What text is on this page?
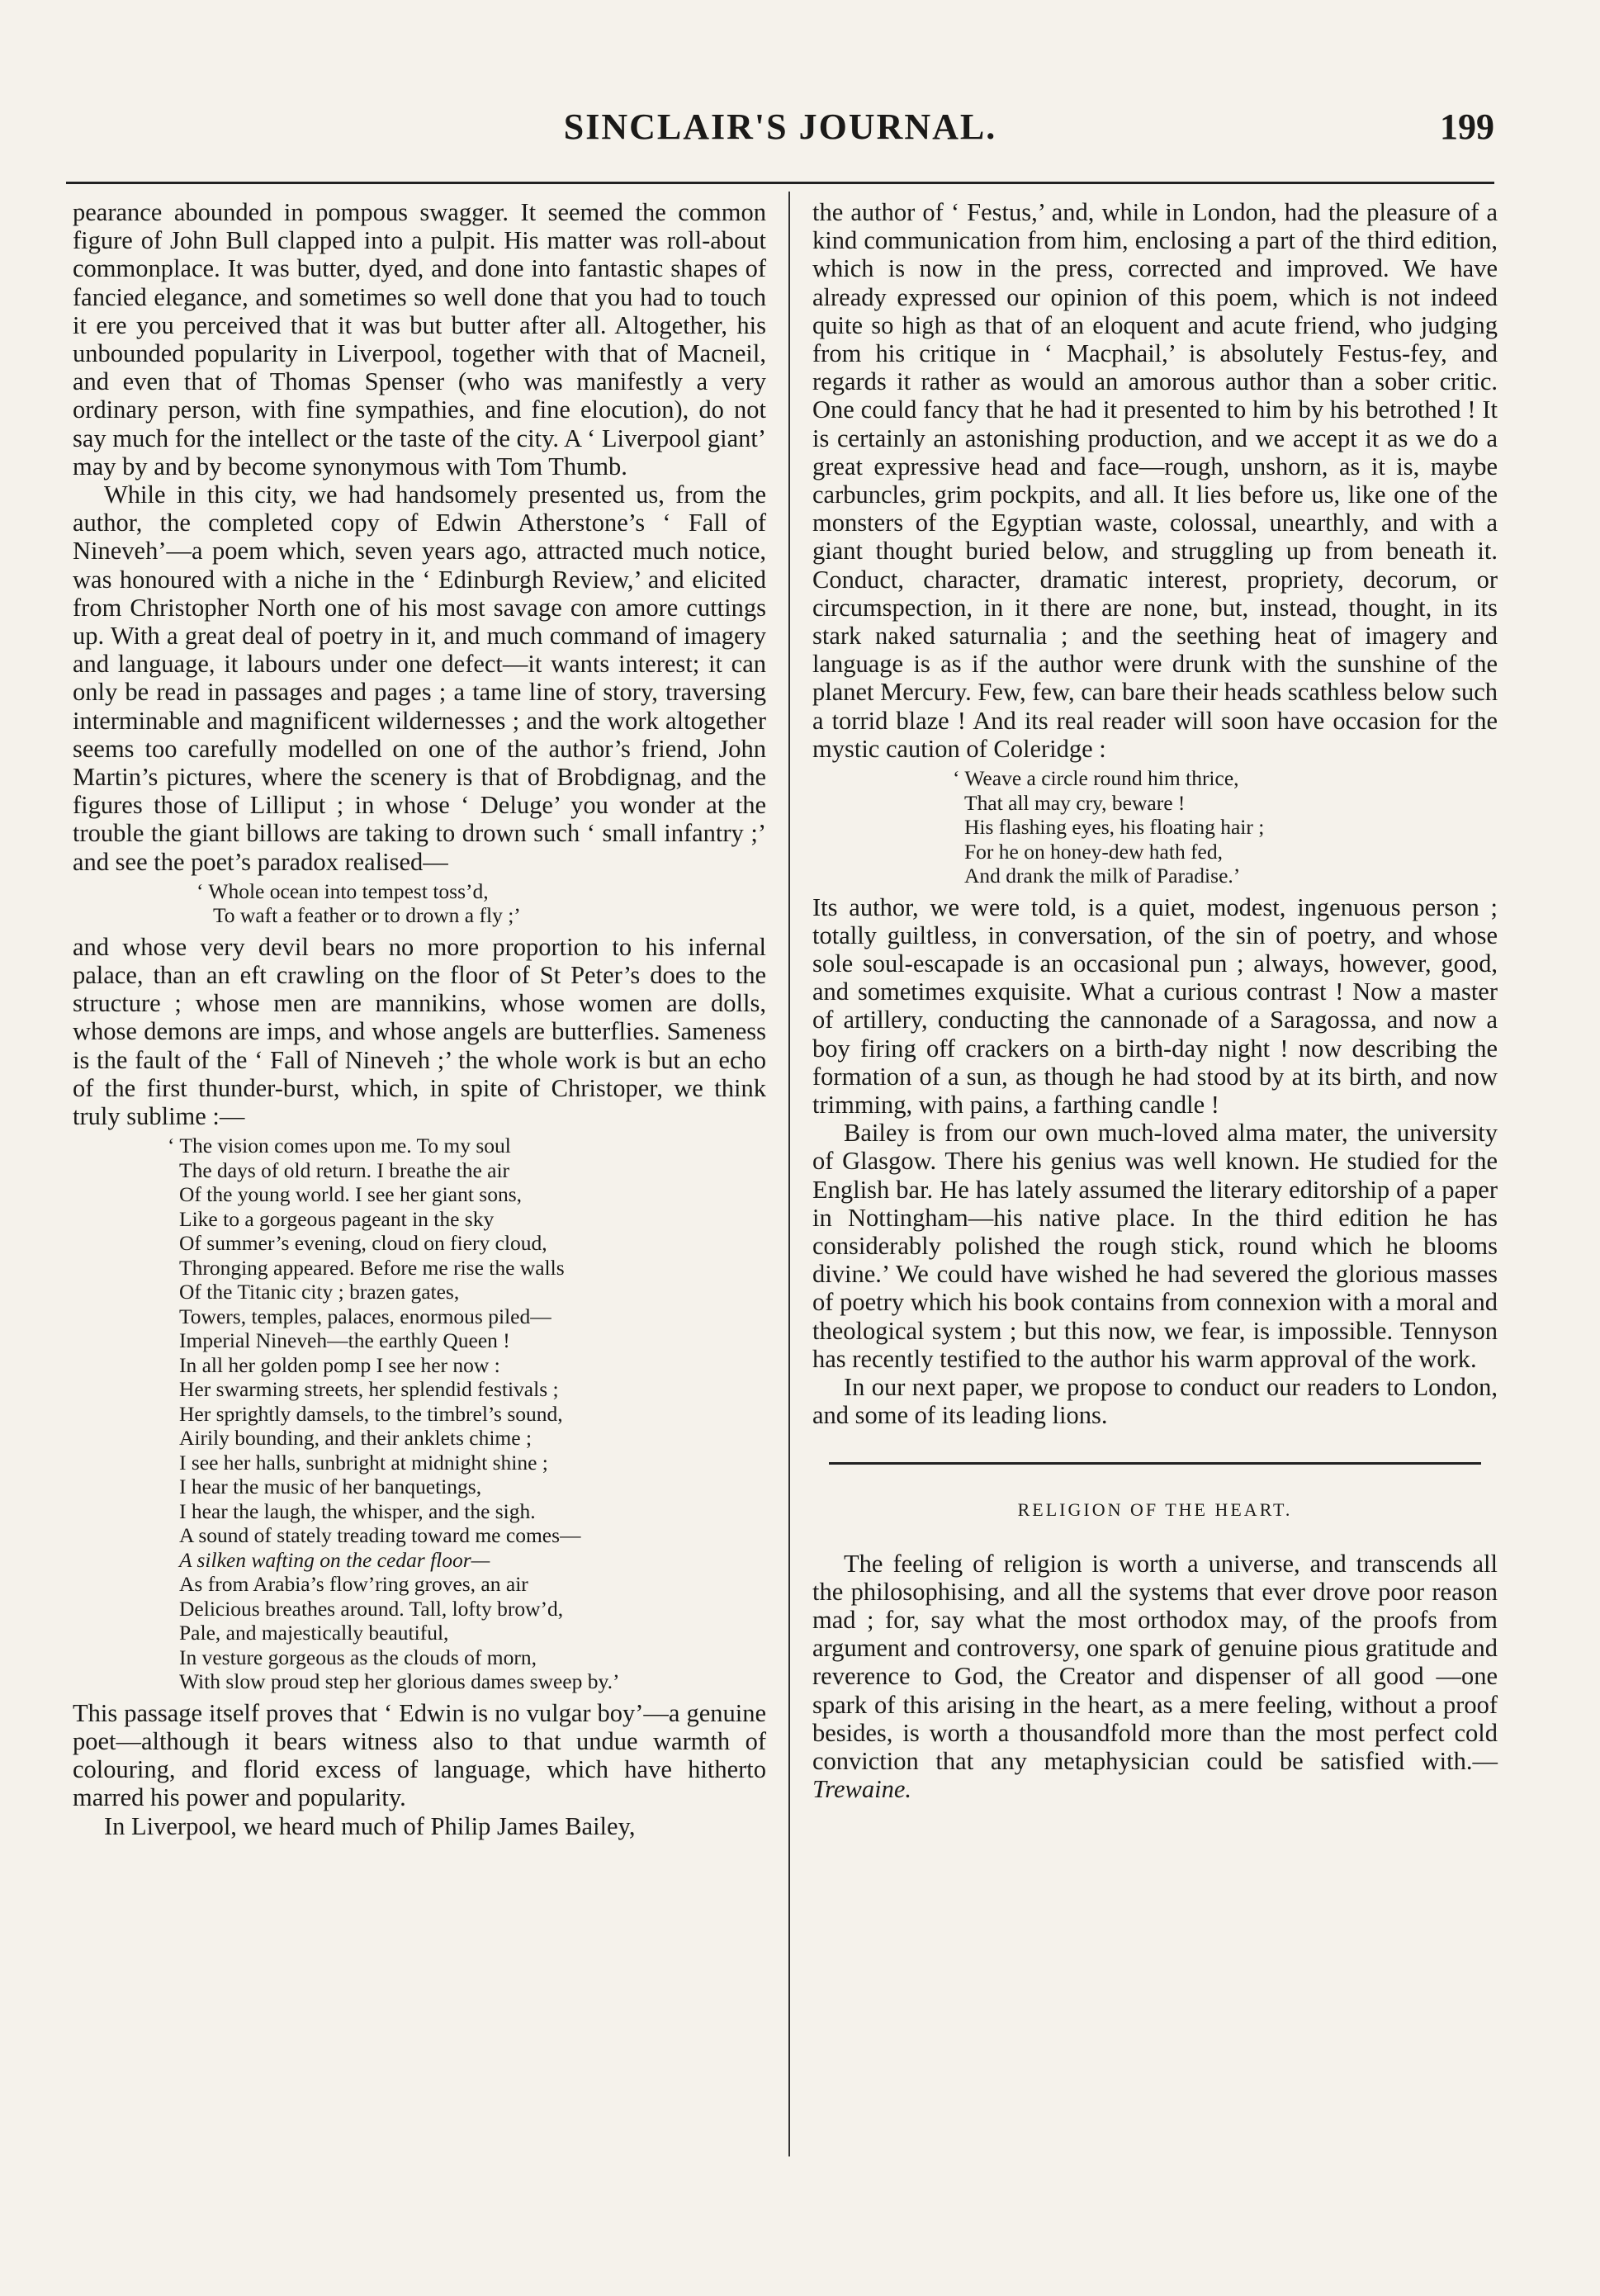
SINCLAIR'S JOURNAL.	199

pearance abounded in pompous swagger. It seemed the common figure of John Bull clapped into a pulpit. His matter was roll-about commonplace. It was butter, dyed, and done into fantastic shapes of fancied elegance, and sometimes so well done that you had to touch it ere you perceived that it was but butter after all. Altogether, his unbounded popularity in Liverpool, together with that of Macneil, and even that of Thomas Spenser (who was manifestly a very ordinary person, with fine sympathies, and fine elocution), do not say much for the intellect or the taste of the city. A ‘ Liverpool giant’ may by and by become synonymous with Tom Thumb.

While in this city, we had handsomely presented us, from the author, the completed copy of Edwin Atherstone’s ‘ Fall of Nineveh’—a poem which, seven years ago, attracted much notice, was honoured with a niche in the ‘ Edinburgh Review,’ and elicited from Christopher North one of his most savage con amore cuttings up. With a great deal of poetry in it, and much command of imagery and language, it labours under one defect—it wants interest; it can only be read in passages and pages ; a tame line of story, traversing interminable and magnificent wildernesses ; and the work altogether seems too carefully modelled on one of the author’s friend, John Martin’s pictures, where the scenery is that of Brobdignag, and the figures those of Lilliput ; in whose ‘ Deluge’ you wonder at the trouble the giant billows are taking to drown such ‘ small infantry ;’ and see the poet’s paradox realised—

‘ Whole ocean into tempest toss’d,
To waft a feather or to drown a fly ;’

and whose very devil bears no more proportion to his infernal palace, than an eft crawling on the floor of St Peter’s does to the structure ; whose men are mannikins, whose women are dolls, whose demons are imps, and whose angels are butterflies. Sameness is the fault of the ‘ Fall of Nineveh ;’ the whole work is but an echo of the first thunder-burst, which, in spite of Christoper, we think truly sublime :—

‘ The vision comes upon me. To my soul
The days of old return. I breathe the air
Of the young world. I see her giant sons,
Like to a gorgeous pageant in the sky
Of summer’s evening, cloud on fiery cloud,
Thronging appeared. Before me rise the walls
Of the Titanic city ; brazen gates,
Towers, temples, palaces, enormous piled—
Imperial Nineveh—the earthly Queen !
In all her golden pomp I see her now :
Her swarming streets, her splendid festivals ;
Her sprightly damsels, to the timbrel’s sound,
Airily bounding, and their anklets chime ;
I see her halls, sunbright at midnight shine ;
I hear the music of her banquetings,
I hear the laugh, the whisper, and the sigh.
A sound of stately treading toward me comes—
A silken wafting on the cedar floor—
As from Arabia’s flow’ring groves, an air
Delicious breathes around. Tall, lofty brow’d,
Pale, and majestically beautiful,
In vesture gorgeous as the clouds of morn,
With slow proud step her glorious dames sweep by.’

This passage itself proves that ‘ Edwin is no vulgar boy’—a genuine poet—although it bears witness also to that undue warmth of colouring, and florid excess of language, which have hitherto marred his power and popularity.

In Liverpool, we heard much of Philip James Bailey,

the author of ‘ Festus,’ and, while in London, had the pleasure of a kind communication from him, enclosing a part of the third edition, which is now in the press, corrected and improved. We have already expressed our opinion of this poem, which is not indeed quite so high as that of an eloquent and acute friend, who judging from his critique in ‘ Macphail,’ is absolutely Festus-fey, and regards it rather as would an amorous author than a sober critic. One could fancy that he had it presented to him by his betrothed ! It is certainly an astonishing production, and we accept it as we do a great expressive head and face—rough, unshorn, as it is, maybe carbuncles, grim pockpits, and all. It lies before us, like one of the monsters of the Egyptian waste, colossal, unearthly, and with a giant thought buried below, and struggling up from beneath it. Conduct, character, dramatic interest, propriety, decorum, or circumspection, in it there are none, but, instead, thought, in its stark naked saturnalia ; and the seething heat of imagery and language is as if the author were drunk with the sunshine of the planet Mercury. Few, few, can bare their heads scathless below such a torrid blaze ! And its real reader will soon have occasion for the mystic caution of Coleridge :

‘ Weave a circle round him thrice,
That all may cry, beware !
His flashing eyes, his floating hair ;
For he on honey-dew hath fed,
And drank the milk of Paradise.’

Its author, we were told, is a quiet, modest, ingenuous person ; totally guiltless, in conversation, of the sin of poetry, and whose sole soul-escapade is an occasional pun ; always, however, good, and sometimes exquisite. What a curious contrast ! Now a master of artillery, conducting the cannonade of a Saragossa, and now a boy firing off crackers on a birth-day night ! now describing the formation of a sun, as though he had stood by at its birth, and now trimming, with pains, a farthing candle !

Bailey is from our own much-loved alma mater, the university of Glasgow. There his genius was well known. He studied for the English bar. He has lately assumed the literary editorship of a paper in Nottingham—his native place. In the third edition he has considerably polished the rough stick, round which he blooms divine.’ We could have wished he had severed the glorious masses of poetry which his book contains from connexion with a moral and theological system ; but this now, we fear, is impossible. Tennyson has recently testified to the author his warm approval of the work.

In our next paper, we propose to conduct our readers to London, and some of its leading lions.

RELIGION OF THE HEART.

The feeling of religion is worth a universe, and transcends all the philosophising, and all the systems that ever drove poor reason mad ; for, say what the most orthodox may, of the proofs from argument and controversy, one spark of genuine pious gratitude and reverence to God, the Creator and dispenser of all good —one spark of this arising in the heart, as a mere feeling, without a proof besides, is worth a thousandfold more than the most perfect cold conviction that any metaphysician could be satisfied with.—Trewaine.
